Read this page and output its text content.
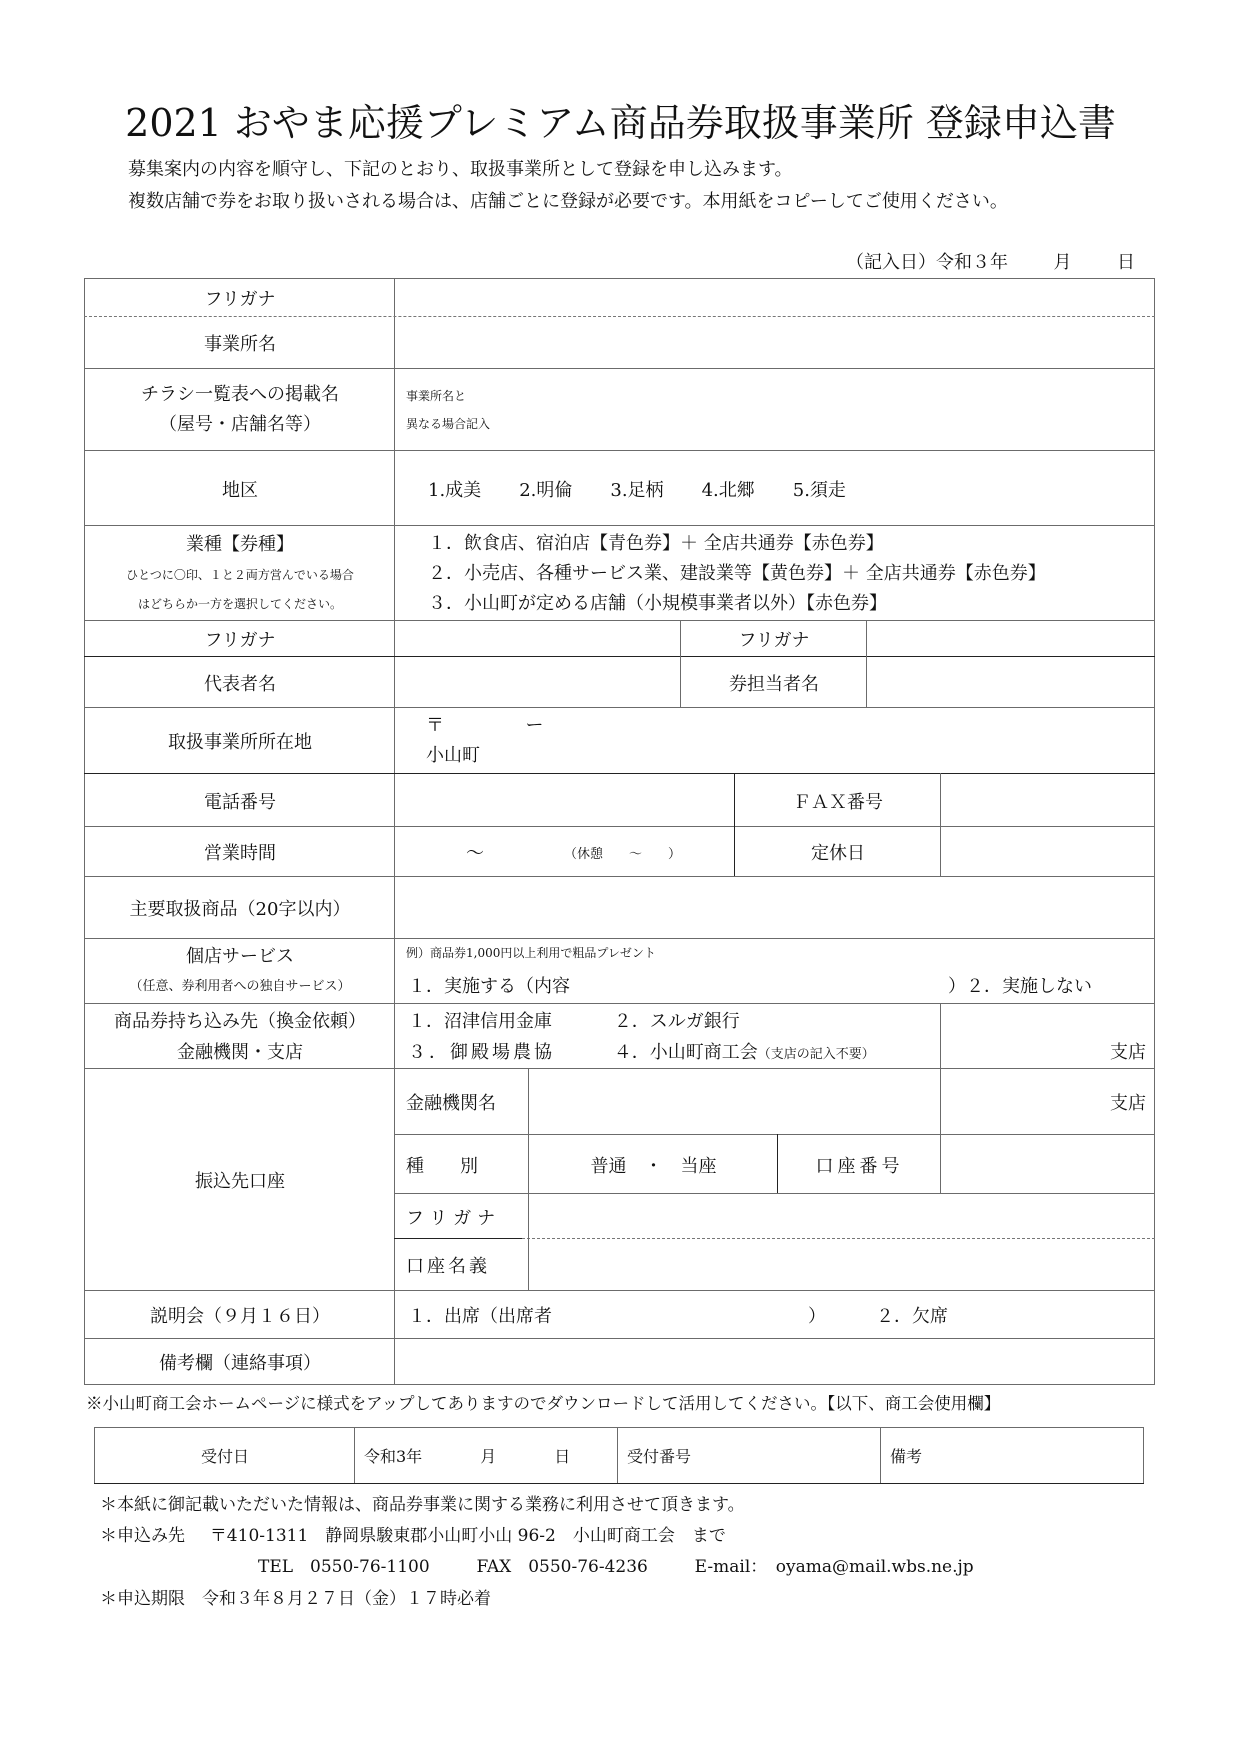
2021 おやま応援プレミアム商品券取扱事業所 登録申込書
募集案内の内容を順守し、下記のとおり、取扱事業所として登録を申し込みます。
複数店舗で券をお取り扱いされる場合は、店舗ごとに登録が必要です。本用紙をコピーしてご使用ください。
（記入日）令和３年	月	日
フリガナ
事業所名
チラシ一覧表への掲載名
（屋号・店舗名等）
事業所名と
異なる場合記入
地区	1.成美 2.明倫 3.足柄 4.北郷 5.須走
業種【券種】
ひとつに〇印、１と２両方営んでいる場合
はどちらか一方を選択してください。
１．飲食店、宿泊店【青色券】＋ 全店共通券【赤色券】
２．小売店、各種サービス業、建設業等【黄色券】＋ 全店共通券【赤色券】
３．小山町が定める店舗（小規模事業者以外）【赤色券】
フリガナ	フリガナ
代表者名	券担当者名
取扱事業所所在地
〒	ー
小山町
電話番号	ＦＡＸ番号
営業時間	～	（休憩　　～　　）	定休日
主要取扱商品（20字以内）
個店サービス
（任意、券利用者への独自サービス）
例）商品券1,000円以上利用で粗品プレゼント
１．実施する（内容	）２．実施しない
商品券持ち込み先（換金依頼）
金融機関・支店
１．沼津信用金庫	２．スルガ銀行
３．御殿場農協	４．小山町商工会（支店の記入不要）	支店
振込先口座
金融機関名	支店
種　　別	普通　・　当座	口座番号
フリガナ
口座名義
説明会（９月１６日）	１．出席（出席者	）	２．欠席
備考欄（連絡事項）
※小山町商工会ホームページに様式をアップしてありますのでダウンロードして活用してください。【以下、商工会使用欄】
受付日	令和3年	月	日	受付番号	備考
＊本紙に御記載いただいた情報は、商品券事業に関する業務に利用させて頂きます。
＊申込み先 〒410-1311　静岡県駿東郡小山町小山 96-2　小山町商工会　まで
TEL　0550-76-1100	FAX　0550-76-4236	E-mail：　oyama@mail.wbs.ne.jp
＊申込期限　令和３年８月２７日（金）１７時必着
